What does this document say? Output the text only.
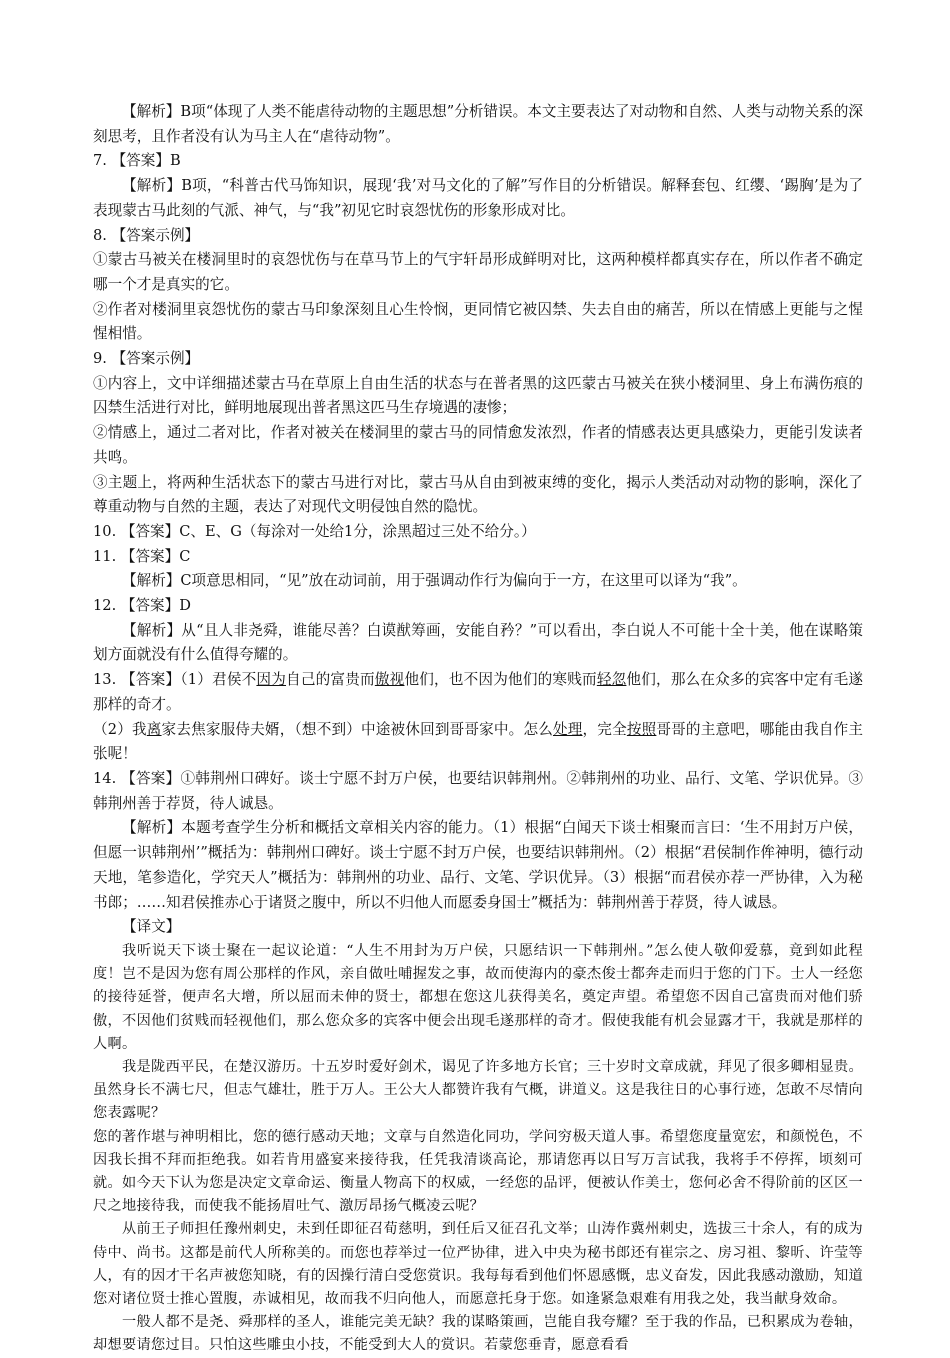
【解析】B项“体现了人类不能虐待动物的主题思想”分析错误。本文主要表达了对动物和自然、人类与动物关系的深刻思考，且作者没有认为马主人在“虐待动物”。

7. 【答案】B

【解析】B项，“科普古代马饰知识，展现‘我’对马文化的了解”写作目的分析错误。解释套包、红缨、‘踢胸’是为了表现蒙古马此刻的气派、神气，与“我”初见它时哀怨忧伤的形象形成对比。

8. 【答案示例】

①蒙古马被关在楼洞里时的哀怨忧伤与在草马节上的气宇轩昂形成鲜明对比，这两种模样都真实存在，所以作者不确定哪一个才是真实的它。

②作者对楼洞里哀怨忧伤的蒙古马印象深刻且心生怜悯，更同情它被囚禁、失去自由的痛苦，所以在情感上更能与之惺惺相惜。

9. 【答案示例】

①内容上，文中详细描述蒙古马在草原上自由生活的状态与在普者黑的这匹蒙古马被关在狭小楼洞里、身上布满伤痕的囚禁生活进行对比，鲜明地展现出普者黑这匹马生存境遇的凄惨；

②情感上，通过二者对比，作者对被关在楼洞里的蒙古马的同情愈发浓烈，作者的情感表达更具感染力，更能引发读者共鸣。

③主题上，将两种生活状态下的蒙古马进行对比，蒙古马从自由到被束缚的变化，揭示人类活动对动物的影响，深化了尊重动物与自然的主题，表达了对现代文明侵蚀自然的隐忧。

10. 【答案】C、E、G（每涂对一处给1分，涂黑超过三处不给分。）

11. 【答案】C

【解析】C项意思相同，“见”放在动词前，用于强调动作行为偏向于一方，在这里可以译为“我”。

12. 【答案】D

【解析】从“且人非尧舜，谁能尽善？白谟猷筹画，安能自矜？”可以看出，李白说人不可能十全十美，他在谋略策划方面就没有什么值得夸耀的。

13. 【答案】（1）君侯不因为自己的富贵而傲视他们，也不因为他们的寒贱而轻忽他们，那么在众多的宾客中定有毛遂那样的奇才。

（2）我离家去焦家服侍夫婿，（想不到）中途被休回到哥哥家中。怎么处理，完全按照哥哥的主意吧，哪能由我自作主张呢！

14. 【答案】①韩荆州口碑好。谈士宁愿不封万户侯，也要结识韩荆州。②韩荆州的功业、品行、文笔、学识优异。③韩荆州善于荐贤，待人诚恳。

【解析】本题考查学生分析和概括文章相关内容的能力。（1）根据“白闻天下谈士相聚而言曰：‘生不用封万户侯，但愿一识韩荆州’”概括为：韩荆州口碑好。谈士宁愿不封万户侯，也要结识韩荆州。（2）根据“君侯制作侔神明，德行动天地，笔参造化，学究天人”概括为：韩荆州的功业、品行、文笔、学识优异。（3）根据“而君侯亦荐一严协律，入为秘书郎；……知君侯推赤心于诸贤之腹中，所以不归他人而愿委身国士”概括为：韩荆州善于荐贤，待人诚恳。

【译文】

我听说天下谈士聚在一起议论道：“人生不用封为万户侯，只愿结识一下韩荆州。”怎么使人敬仰爱慕，竟到如此程度！岂不是因为您有周公那样的作风，亲自做吐哺握发之事，故而使海内的豪杰俊士都奔走而归于您的门下。士人一经您的接待延誉，便声名大增，所以屈而未伸的贤士，都想在您这儿获得美名，奠定声望。希望您不因自己富贵而对他们骄傲，不因他们贫贱而轻视他们，那么您众多的宾客中便会出现毛遂那样的奇才。假使我能有机会显露才干，我就是那样的人啊。

我是陇西平民，在楚汉游历。十五岁时爱好剑术，谒见了许多地方长官；三十岁时文章成就，拜见了很多卿相显贵。虽然身长不满七尺，但志气雄壮，胜于万人。王公大人都赞许我有气概，讲道义。这是我往日的心事行迹，怎敢不尽情向您表露呢？

您的著作堪与神明相比，您的德行感动天地；文章与自然造化同功，学问穷极天道人事。希望您度量宽宏，和颜悦色，不因我长揖不拜而拒绝我。如若肯用盛宴来接待我，任凭我清谈高论，那请您再以日写万言试我，我将手不停挥，顷刻可就。如今天下认为您是决定文章命运、衡量人物高下的权威，一经您的品评，便被认作美士，您何必舍不得阶前的区区一尺之地接待我，而使我不能扬眉吐气、激厉昂扬气概凌云呢？

从前王子师担任豫州刺史，未到任即征召荀慈明，到任后又征召孔文举；山涛作冀州刺史，选拔三十余人，有的成为侍中、尚书。这都是前代人所称美的。而您也荐举过一位严协律，进入中央为秘书郎还有崔宗之、房习祖、黎昕、许莹等人，有的因才干名声被您知晓，有的因操行清白受您赏识。我每每看到他们怀恩感慨，忠义奋发，因此我感动激励，知道您对诸位贤士推心置腹，赤诚相见，故而我不归向他人，而愿意托身于您。如逢紧急艰难有用我之处，我当献身效命。

一般人都不是尧、舜那样的圣人，谁能完美无缺？我的谋略策画，岂能自我夸耀？至于我的作品，已积累成为卷轴，却想要请您过目。只怕这些雕虫小技，不能受到大人的赏识。若蒙您垂青，愿意看看
